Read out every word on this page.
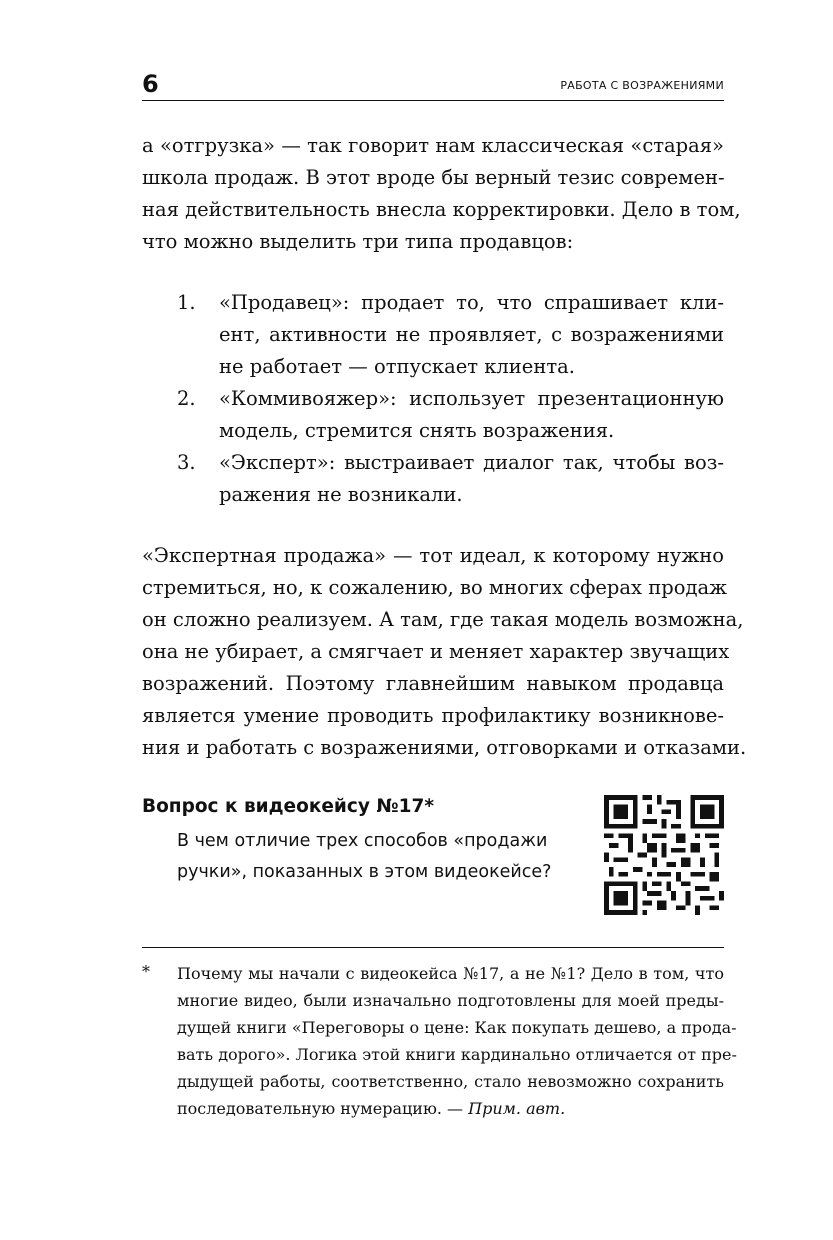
6	РАБОТА С ВОЗРАЖЕНИЯМИ
а «отгрузка» — так говорит нам классическая «старая»
школа продаж. В этот вроде бы верный тезис современ-
ная действительность внесла корректировки. Дело в том,
что можно выделить три типа продавцов:
1. «Продавец»: продает то, что спрашивает кли-
ент, активности не проявляет, с возражениями
не работает — отпускает клиента.
2. «Коммивояжер»: использует презентационную
модель, стремится снять возражения.
3. «Эксперт»: выстраивает диалог так, чтобы воз-
ражения не возникали.
«Экспертная продажа» — тот идеал, к которому нужно
стремиться, но, к сожалению, во многих сферах продаж
он сложно реализуем. А там, где такая модель возможна,
она не убирает, а смягчает и меняет характер звучащих
возражений. Поэтому главнейшим навыком продавца
является умение проводить профилактику возникнове-
ния и работать с возражениями, отговорками и отказами.
Вопрос к видеокейсу №17*
В чем отличие трех способов «продажи
ручки», показанных в этом видеокейсе?
* Почему мы начали с видеокейса №17, а не №1? Дело в том, что
многие видео, были изначально подготовлены для моей преды-
дущей книги «Переговоры о цене: Как покупать дешево, а прода-
вать дорого». Логика этой книги кардинально отличается от пре-
дыдущей работы, соответственно, стало невозможно сохранить
последовательную нумерацию. — Прим. авт.
